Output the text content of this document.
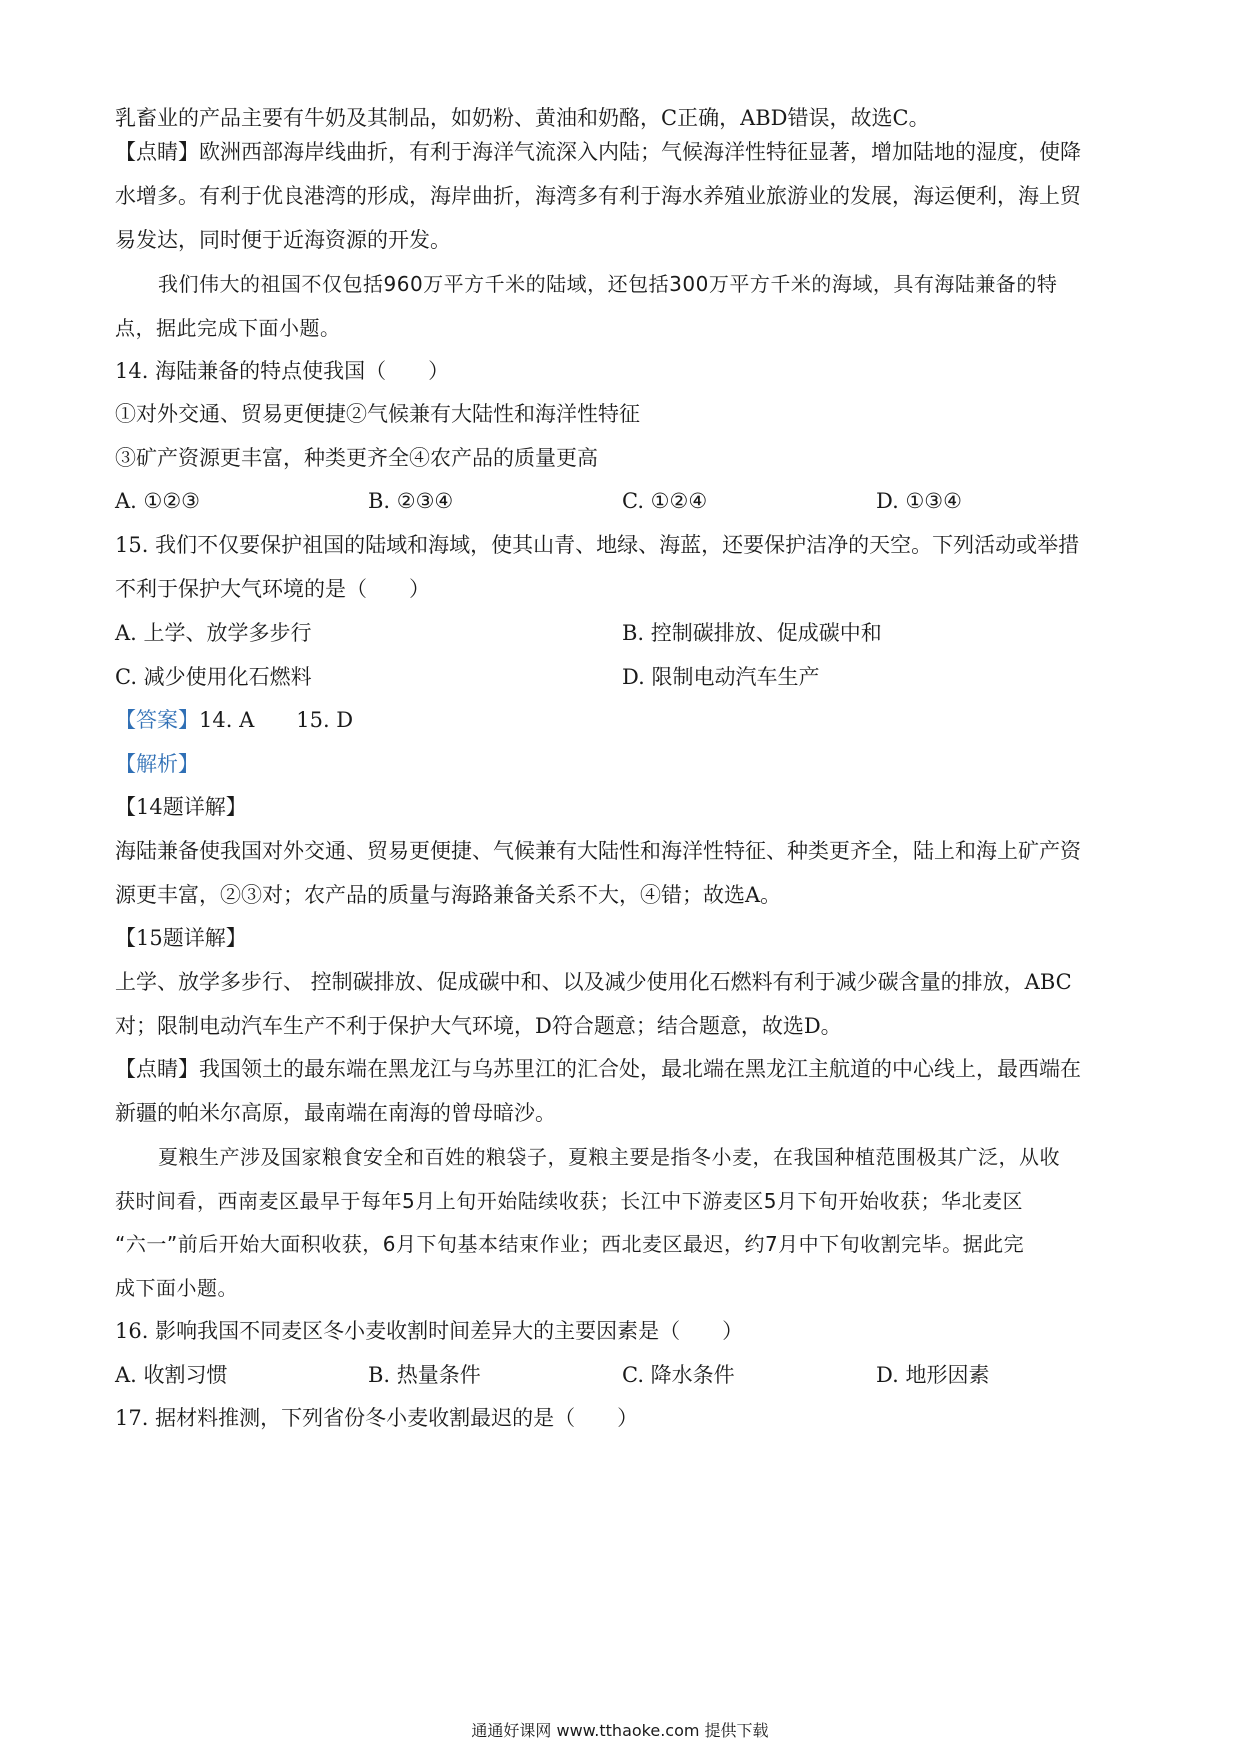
乳畜业的产品主要有牛奶及其制品，如奶粉、黄油和奶酪，C正确，ABD错误，故选C。
【点睛】欧洲西部海岸线曲折，有利于海洋气流深入内陆；气候海洋性特征显著，增加陆地的湿度，使降
水增多。有利于优良港湾的形成，海岸曲折，海湾多有利于海水养殖业旅游业的发展，海运便利，海上贸
易发达，同时便于近海资源的开发。
我们伟大的祖国不仅包括960万平方千米的陆域，还包括300万平方千米的海域，具有海陆兼备的特
点，据此完成下面小题。
14. 海陆兼备的特点使我国（　　）
①对外交通、贸易更便捷②气候兼有大陆性和海洋性特征
③矿产资源更丰富，种类更齐全④农产品的质量更高
A. ①②③	B. ②③④	C. ①②④	D. ①③④
15. 我们不仅要保护祖国的陆域和海域，使其山青、地绿、海蓝，还要保护洁净的天空。下列活动或举措
不利于保护大气环境的是（　　）
A. 上学、放学多步行	B. 控制碳排放、促成碳中和
C. 减少使用化石燃料	D. 限制电动汽车生产
【答案】14. A　　15. D
【解析】
【14题详解】
海陆兼备使我国对外交通、贸易更便捷、气候兼有大陆性和海洋性特征、种类更齐全，陆上和海上矿产资
源更丰富，②③对；农产品的质量与海路兼备关系不大，④错；故选A。
【15题详解】
上学、放学多步行、 控制碳排放、促成碳中和、以及减少使用化石燃料有利于减少碳含量的排放，ABC
对；限制电动汽车生产不利于保护大气环境，D符合题意；结合题意，故选D。
【点睛】我国领土的最东端在黑龙江与乌苏里江的汇合处，最北端在黑龙江主航道的中心线上，最西端在
新疆的帕米尔高原，最南端在南海的曾母暗沙。
夏粮生产涉及国家粮食安全和百姓的粮袋子，夏粮主要是指冬小麦，在我国种植范围极其广泛，从收
获时间看，西南麦区最早于每年5月上旬开始陆续收获；长江中下游麦区5月下旬开始收获；华北麦区
“六一”前后开始大面积收获，6月下旬基本结束作业；西北麦区最迟，约7月中下旬收割完毕。据此完
成下面小题。
16. 影响我国不同麦区冬小麦收割时间差异大的主要因素是（　　）
A. 收割习惯	B. 热量条件	C. 降水条件	D. 地形因素
17. 据材料推测，下列省份冬小麦收割最迟的是（　　）
通通好课网 www.tthaoke.com 提供下载
